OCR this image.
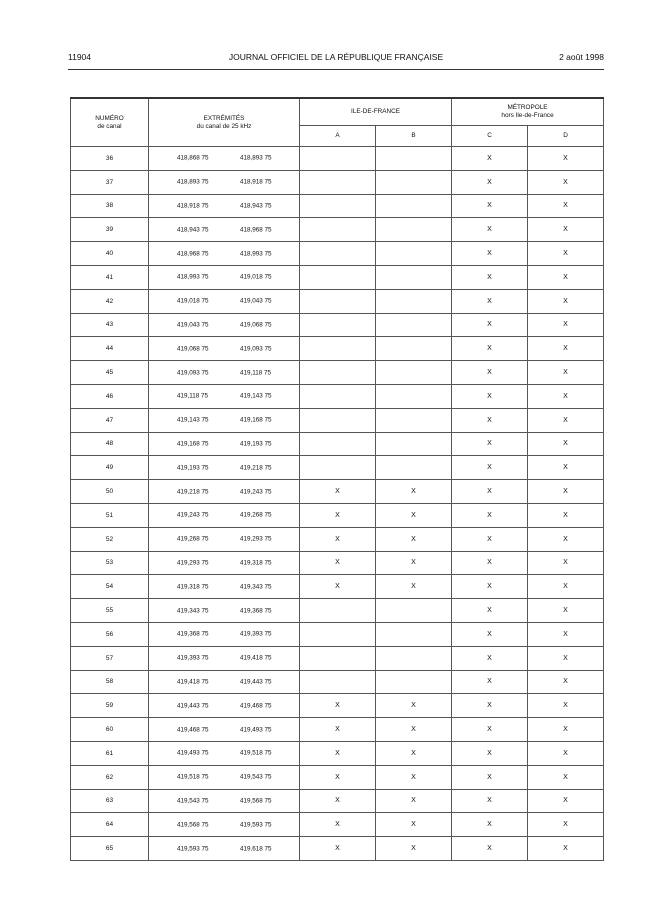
11904	JOURNAL OFFICIEL DE LA RÉPUBLIQUE FRANÇAISE	2 août 1998
NUMÉRO
de canal	EXTRÉMITÉS
du canal de 25 kHz	ILE-DE-FRANCE		MÉTROPOLE
hors Ile-de-France	

		A	B	C	D
36	418,868 75 418,893 75			X	X
37	418,893 75 418,918 75			X	X
38	418,918 75 418,943 75			X	X
39	418,943 75 418,968 75			X	X
40	418,968 75 418,993 75			X	X
41	418,993 75 419,018 75			X	X
42	419,018 75 419,043 75			X	X
43	419,043 75 419,068 75			X	X
44	419,068 75 419,093 75			X	X
45	419,093 75 419,118 75			X	X
46	419,118 75 419,143 75			X	X
47	419,143 75 419,168 75			X	X
48	419,168 75 419,193 75			X	X
49	419,193 75 419,218 75			X	X
50	419,218 75 419,243 75	X	X	X	X
51	419,243 75 419,268 75	X	X	X	X
52	419,268 75 419,293 75	X	X	X	X
53	419,293 75 419,318 75	X	X	X	X
54	419,318 75 419,343 75	X	X	X	X
55	419,343 75 419,368 75			X	X
56	419,368 75 419,393 75			X	X
57	419,393 75 419,418 75			X	X
58	419,418 75 419,443 75			X	X
59	419,443 75 419,468 75	X	X	X	X
60	419,468 75 419,493 75	X	X	X	X
61	419,493 75 419,518 75	X	X	X	X
62	419,518 75 419,543 75	X	X	X	X
63	419,543 75 419,568 75	X	X	X	X
64	419,568 75 419,593 75	X	X	X	X
65	419,593 75 419,618 75	X	X	X	X
